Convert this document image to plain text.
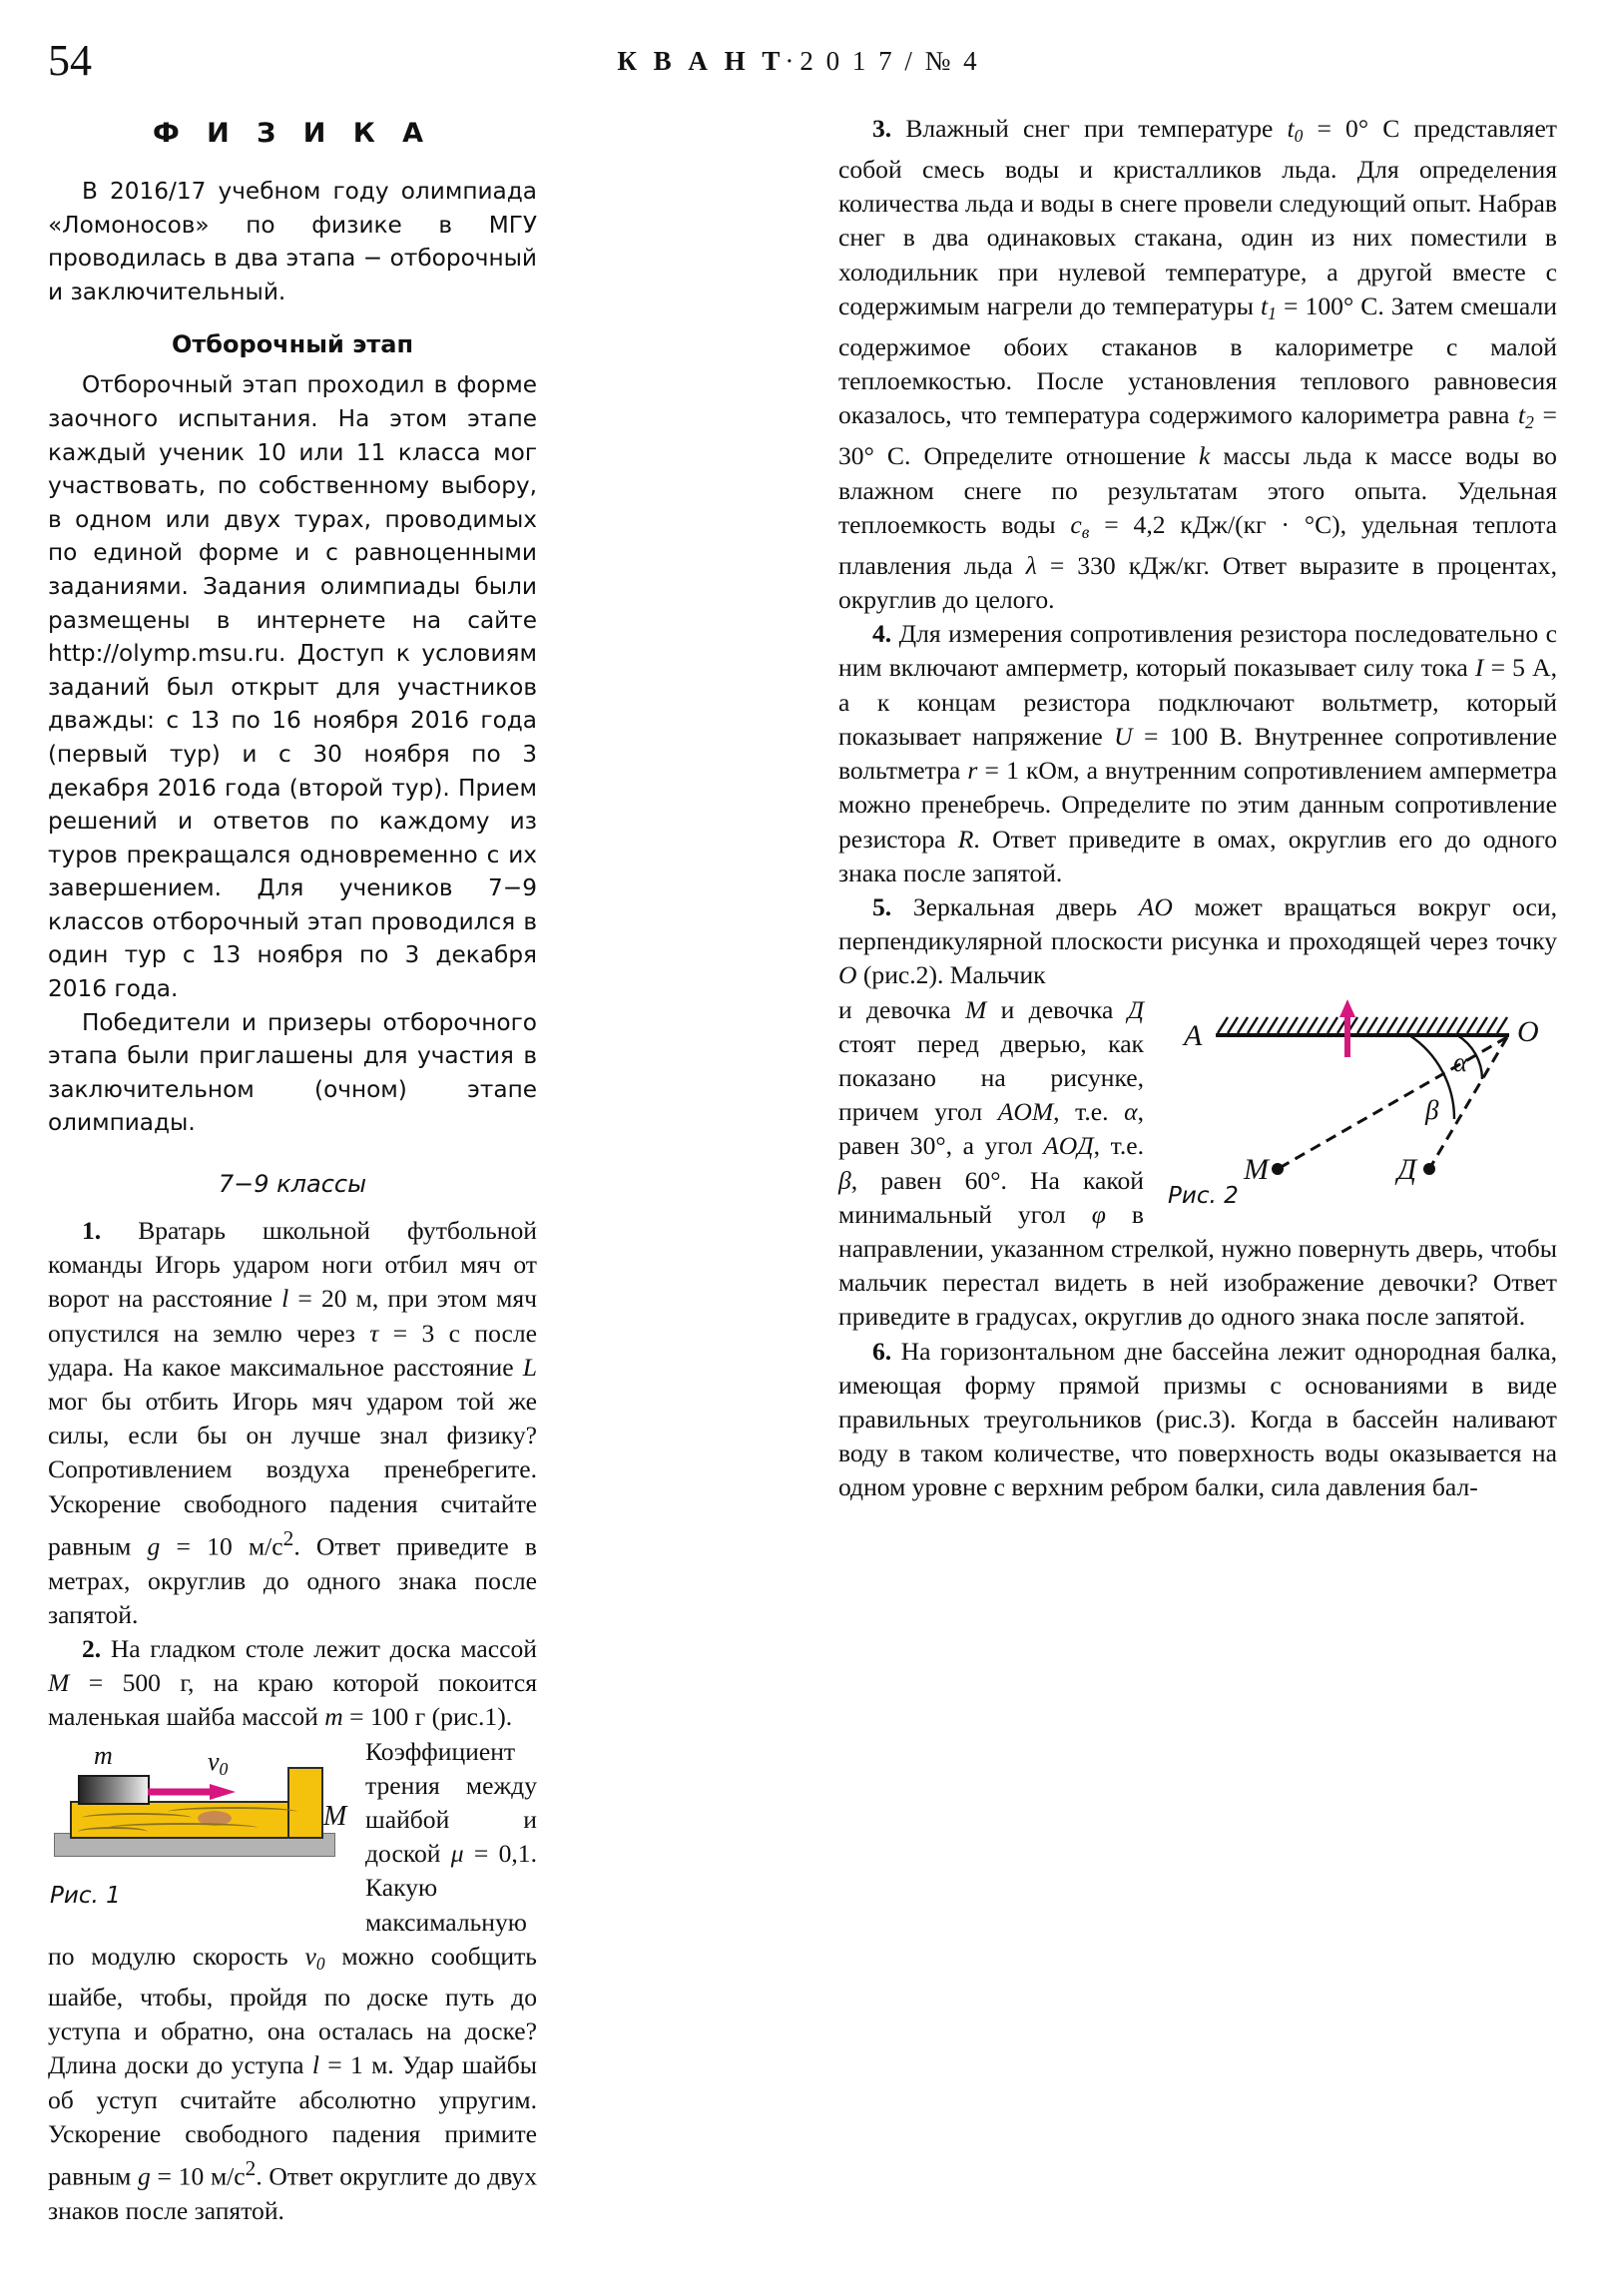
54	К В А Н Т·2 0 1 7 / № 4
Ф И З И К А

В 2016/17 учебном году олимпиада «Ломоносов» по физике в МГУ проводилась в два этапа − отборочный и заключительный.

Отборочный этап

Отборочный этап проходил в форме заочного испытания. На этом этапе каждый ученик 10 или 11 класса мог участвовать, по собственному выбору, в одном или двух турах, проводимых по единой форме и с равноценными заданиями. Задания олимпиады были размещены в интернете на сайте http://olymp.msu.ru. Доступ к условиям заданий был открыт для участников дважды: с 13 по 16 ноября 2016 года (первый тур) и с 30 ноября по 3 декабря 2016 года (второй тур). Прием решений и ответов по каждому из туров прекращался одновременно с их завершением. Для учеников 7−9 классов отборочный этап проводился в один тур с 13 ноября по 3 декабря 2016 года.

Победители и призеры отборочного этапа были приглашены для участия в заключительном (очном) этапе олимпиады.

7−9 классы

1. Вратарь школьной футбольной команды Игорь ударом ноги отбил мяч от ворот на расстояние l = 20 м, при этом мяч опустился на землю через τ = 3 с после удара. На какое максимальное расстояние L мог бы отбить Игорь мяч ударом той же силы, если бы он лучше знал физику? Сопротивлением воздуха пренебрегите. Ускорение свободного падения считайте равным g = 10 $м/с^2$. Ответ приведите в метрах, округлив до одного знака после запятой.

2. На гладком столе лежит доска массой M = 500 г, на краю которой покоится маленькая шайба массой m = 100 г (рис.1).

m	$v_0$
M
Рис. 1

Коэффициент трения между шайбой и доской μ = 0,1. Какую максимальную по модулю скорость $v_0$ можно сообщить шайбе, чтобы, пройдя по доске путь до уступа и обратно, она осталась на доске? Длина доски до уступа l = 1 м. Удар шайбы об уступ считайте абсолютно упругим. Ускорение свободного падения примите равным g = 10 $м/с^2$. Ответ округлите до двух знаков после запятой.

3. Влажный снег при температуре $t_0 = 0^\circ$ С представляет собой смесь воды и кристалликов льда. Для определения количества льда и воды в снеге провели следующий опыт. Набрав снег в два одинаковых стакана, один из них поместили в холодильник при нулевой температуре, а другой вместе с содержимым нагрели до температуры $t_1 = 100^\circ$ С. Затем смешали содержимое обоих стаканов в калориметре с малой теплоемкостью. После установления теплового равновесия оказалось, что температура содержимого калориметра равна $t_2 = 30^\circ$ С. Определите отношение k массы льда к массе воды во влажном снеге по результатам этого опыта. Удельная теплоемкость воды $c_в = 4,2$ кДж/(кг · °С), удельная теплота плавления льда λ = 330 кДж/кг. Ответ выразите в процентах, округлив до целого.

4. Для измерения сопротивления резистора последовательно с ним включают амперметр, который показывает силу тока I = 5 А, а к концам резистора подключают вольтметр, который показывает напряжение U = 100 В. Внутреннее сопротивление вольтметра r = 1 кОм, а внутренним сопротивлением амперметра можно пренебречь. Определите по этим данным сопротивление резистора R. Ответ приведите в омах, округлив его до одного знака после запятой.

5. Зеркальная дверь AO может вращаться вокруг оси, перпендикулярной плоскости рисунка и проходящей через точку O (рис.2). Мальчик

A	O
M	Д
α
β
Рис. 2

и девочка M и девочка Д стоят перед дверью, как показано на рисунке, причем угол AOM, т.е. α, равен 30°, а угол AOД, т.е. β, равен 60°. На какой минимальный угол φ в направлении, указанном стрелкой, нужно повернуть дверь, чтобы мальчик перестал видеть в ней изображение девочки? Ответ приведите в градусах, округлив до одного знака после запятой.

6. На горизонтальном дне бассейна лежит однородная балка, имеющая форму прямой призмы с основаниями в виде правильных треугольников (рис.3). Когда в бассейн наливают воду в таком количестве, что поверхность воды оказывается на одном уровне с верхним ребром балки, сила давления бал-
